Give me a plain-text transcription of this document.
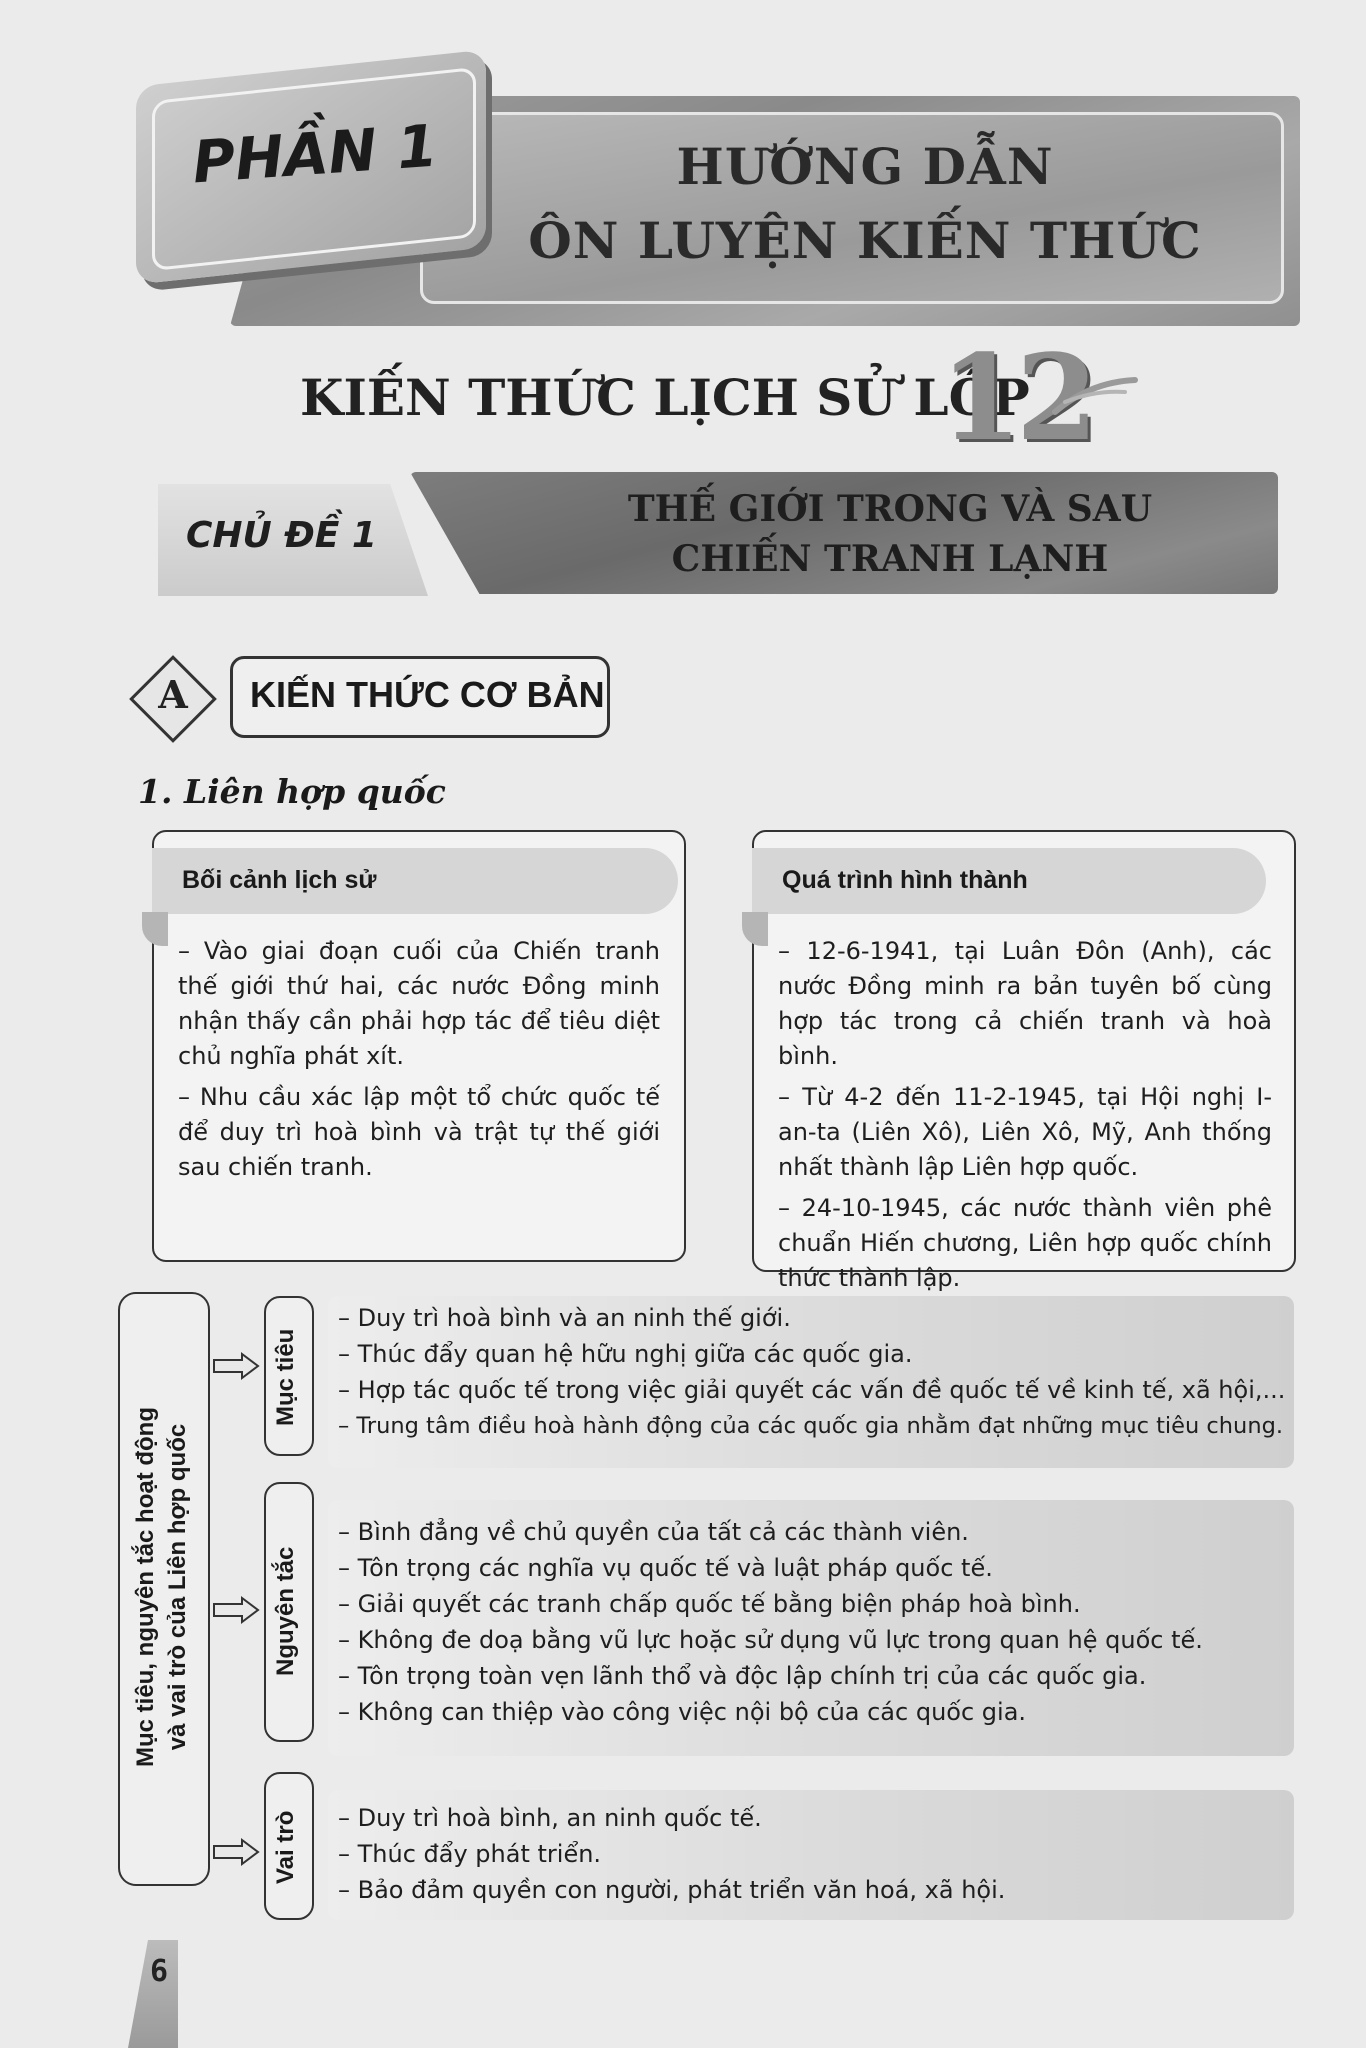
HƯỚNG DẪN
ÔN LUYỆN KIẾN THỨC
PHẦN 1
KIẾN THỨC LỊCH SỬ LỚP
12
CHỦ ĐỀ 1
THẾ GIỚI TRONG VÀ SAU
CHIẾN TRANH LẠNH
A	KIẾN THỨC CƠ BẢN
1. Liên hợp quốc
Bối cảnh lịch sử

– Vào giai đoạn cuối của Chiến tranh thế giới thứ hai, các nước Đồng minh nhận thấy cần phải hợp tác để tiêu diệt chủ nghĩa phát xít.

– Nhu cầu xác lập một tổ chức quốc tế để duy trì hoà bình và trật tự thế giới sau chiến tranh.

Quá trình hình thành

– 12-6-1941, tại Luân Đôn (Anh), các nước Đồng minh ra bản tuyên bố cùng hợp tác trong cả chiến tranh và hoà bình.

– Từ 4-2 đến 11-2-1945, tại Hội nghị I-an-ta (Liên Xô), Liên Xô, Mỹ, Anh thống nhất thành lập Liên hợp quốc.

– 24-10-1945, các nước thành viên phê chuẩn Hiến chương, Liên hợp quốc chính thức thành lập.

Mục tiêu, nguyên tắc hoạt động và vai trò của Liên hợp quốc
Mục tiêu
– Duy trì hoà bình và an ninh thế giới.
– Thúc đẩy quan hệ hữu nghị giữa các quốc gia.
– Hợp tác quốc tế trong việc giải quyết các vấn đề quốc tế về kinh tế, xã hội,...
– Trung tâm điều hoà hành động của các quốc gia nhằm đạt những mục tiêu chung.
Nguyên tắc
– Bình đẳng về chủ quyền của tất cả các thành viên.
– Tôn trọng các nghĩa vụ quốc tế và luật pháp quốc tế.
– Giải quyết các tranh chấp quốc tế bằng biện pháp hoà bình.
– Không đe doạ bằng vũ lực hoặc sử dụng vũ lực trong quan hệ quốc tế.
– Tôn trọng toàn vẹn lãnh thổ và độc lập chính trị của các quốc gia.
– Không can thiệp vào công việc nội bộ của các quốc gia.
Vai trò – Duy trì hoà bình, an ninh quốc tế.
– Thúc đẩy phát triển.
– Bảo đảm quyền con người, phát triển văn hoá, xã hội.
6
